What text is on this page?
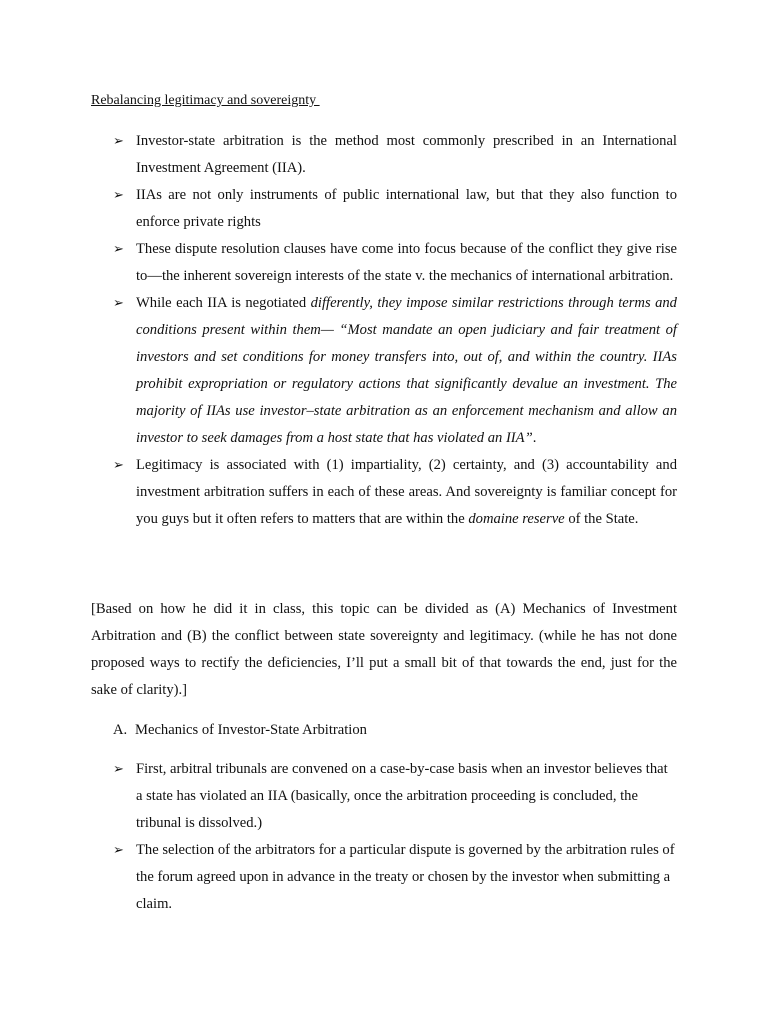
Rebalancing legitimacy and sovereignty
➢ Investor-state arbitration is the method most commonly prescribed in an International Investment Agreement (IIA).
➢ IIAs are not only instruments of public international law, but that they also function to enforce private rights
➢ These dispute resolution clauses have come into focus because of the conflict they give rise to—the inherent sovereign interests of the state v. the mechanics of international arbitration.
➢ While each IIA is negotiated differently, they impose similar restrictions through terms and conditions present within them— “Most mandate an open judiciary and fair treatment of investors and set conditions for money transfers into, out of, and within the country. IIAs prohibit expropriation or regulatory actions that significantly devalue an investment. The majority of IIAs use investor–state arbitration as an enforcement mechanism and allow an investor to seek damages from a host state that has violated an IIA”.
➢ Legitimacy is associated with (1) impartiality, (2) certainty, and (3) accountability and investment arbitration suffers in each of these areas. And sovereignty is familiar concept for you guys but it often refers to matters that are within the domaine reserve of the State.

[Based on how he did it in class, this topic can be divided as (A) Mechanics of Investment Arbitration and (B) the conflict between state sovereignty and legitimacy. (while he has not done proposed ways to rectify the deficiencies, I’ll put a small bit of that towards the end, just for the sake of clarity).]

A. Mechanics of Investor-State Arbitration
➢ First, arbitral tribunals are convened on a case-by-case basis when an investor believes that a state has violated an IIA (basically, once the arbitration proceeding is concluded, the tribunal is dissolved.)
➢ The selection of the arbitrators for a particular dispute is governed by the arbitration rules of the forum agreed upon in advance in the treaty or chosen by the investor when submitting a claim.
